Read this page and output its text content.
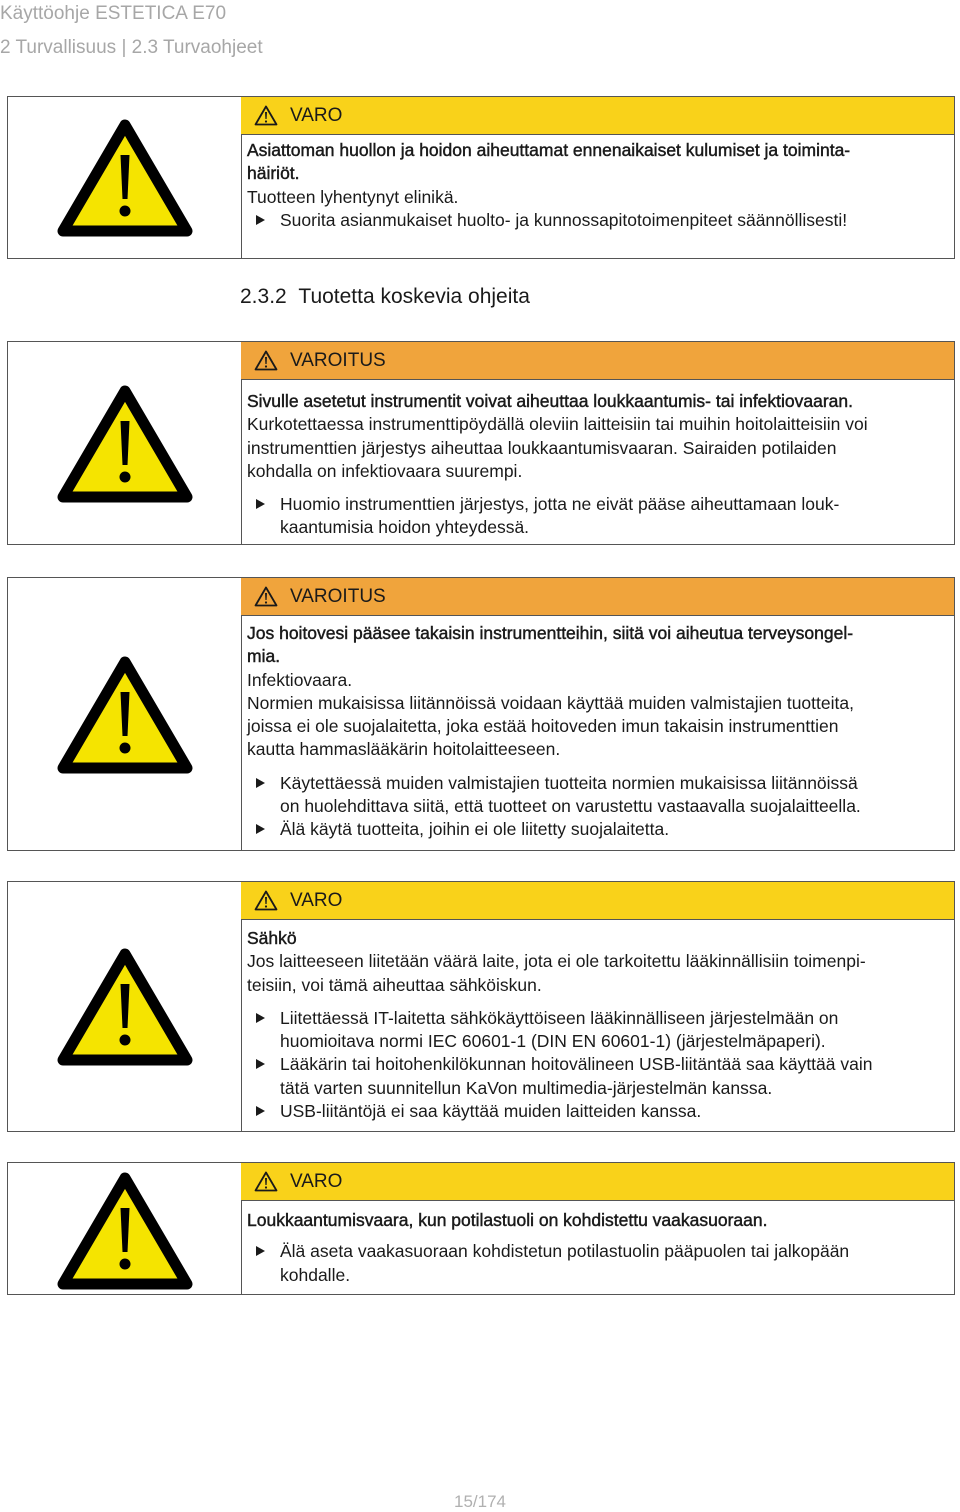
Käyttöohje ESTETICA E70
2 Turvallisuus | 2.3 Turvaohjeet
VARO
Asiattoman huollon ja hoidon aiheuttamat ennenaikaiset kulumiset ja toiminta-
häiriöt.
Tuotteen lyhentynyt elinikä.
Suorita asianmukaiset huolto- ja kunnossapitotoimenpiteet säännöllisesti!
2.3.2 Tuotetta koskevia ohjeita
VAROITUS
Sivulle asetetut instrumentit voivat aiheuttaa loukkaantumis- tai infektiovaaran.
Kurkotettaessa instrumenttipöydällä oleviin laitteisiin tai muihin hoitolaitteisiin voi
instrumenttien järjestys aiheuttaa loukkaantumisvaaran. Sairaiden potilaiden
kohdalla on infektiovaara suurempi.
Huomio instrumenttien järjestys, jotta ne eivät pääse aiheuttamaan louk-
kaantumisia hoidon yhteydessä.
VAROITUS
Jos hoitovesi pääsee takaisin instrumentteihin, siitä voi aiheutua terveysongel-
mia.
Infektiovaara.
Normien mukaisissa liitännöissä voidaan käyttää muiden valmistajien tuotteita,
joissa ei ole suojalaitetta, joka estää hoitoveden imun takaisin instrumenttien
kautta hammaslääkärin hoitolaitteeseen.
Käytettäessä muiden valmistajien tuotteita normien mukaisissa liitännöissä
on huolehdittava siitä, että tuotteet on varustettu vastaavalla suojalaitteella.
Älä käytä tuotteita, joihin ei ole liitetty suojalaitetta.
VARO
Sähkö
Jos laitteeseen liitetään väärä laite, jota ei ole tarkoitettu lääkinnällisiin toimenpi-
teisiin, voi tämä aiheuttaa sähköiskun.
Liitettäessä IT-laitetta sähkökäyttöiseen lääkinnälliseen järjestelmään on
huomioitava normi IEC 60601-1 (DIN EN 60601-1) (järjestelmäpaperi).
Lääkärin tai hoitohenkilökunnan hoitovälineen USB-liitäntää saa käyttää vain
tätä varten suunnitellun KaVon multimedia-järjestelmän kanssa.
USB-liitäntöjä ei saa käyttää muiden laitteiden kanssa.
VARO
Loukkaantumisvaara, kun potilastuoli on kohdistettu vaakasuoraan.
Älä aseta vaakasuoraan kohdistetun potilastuolin pääpuolen tai jalkopään
kohdalle.
15/174
